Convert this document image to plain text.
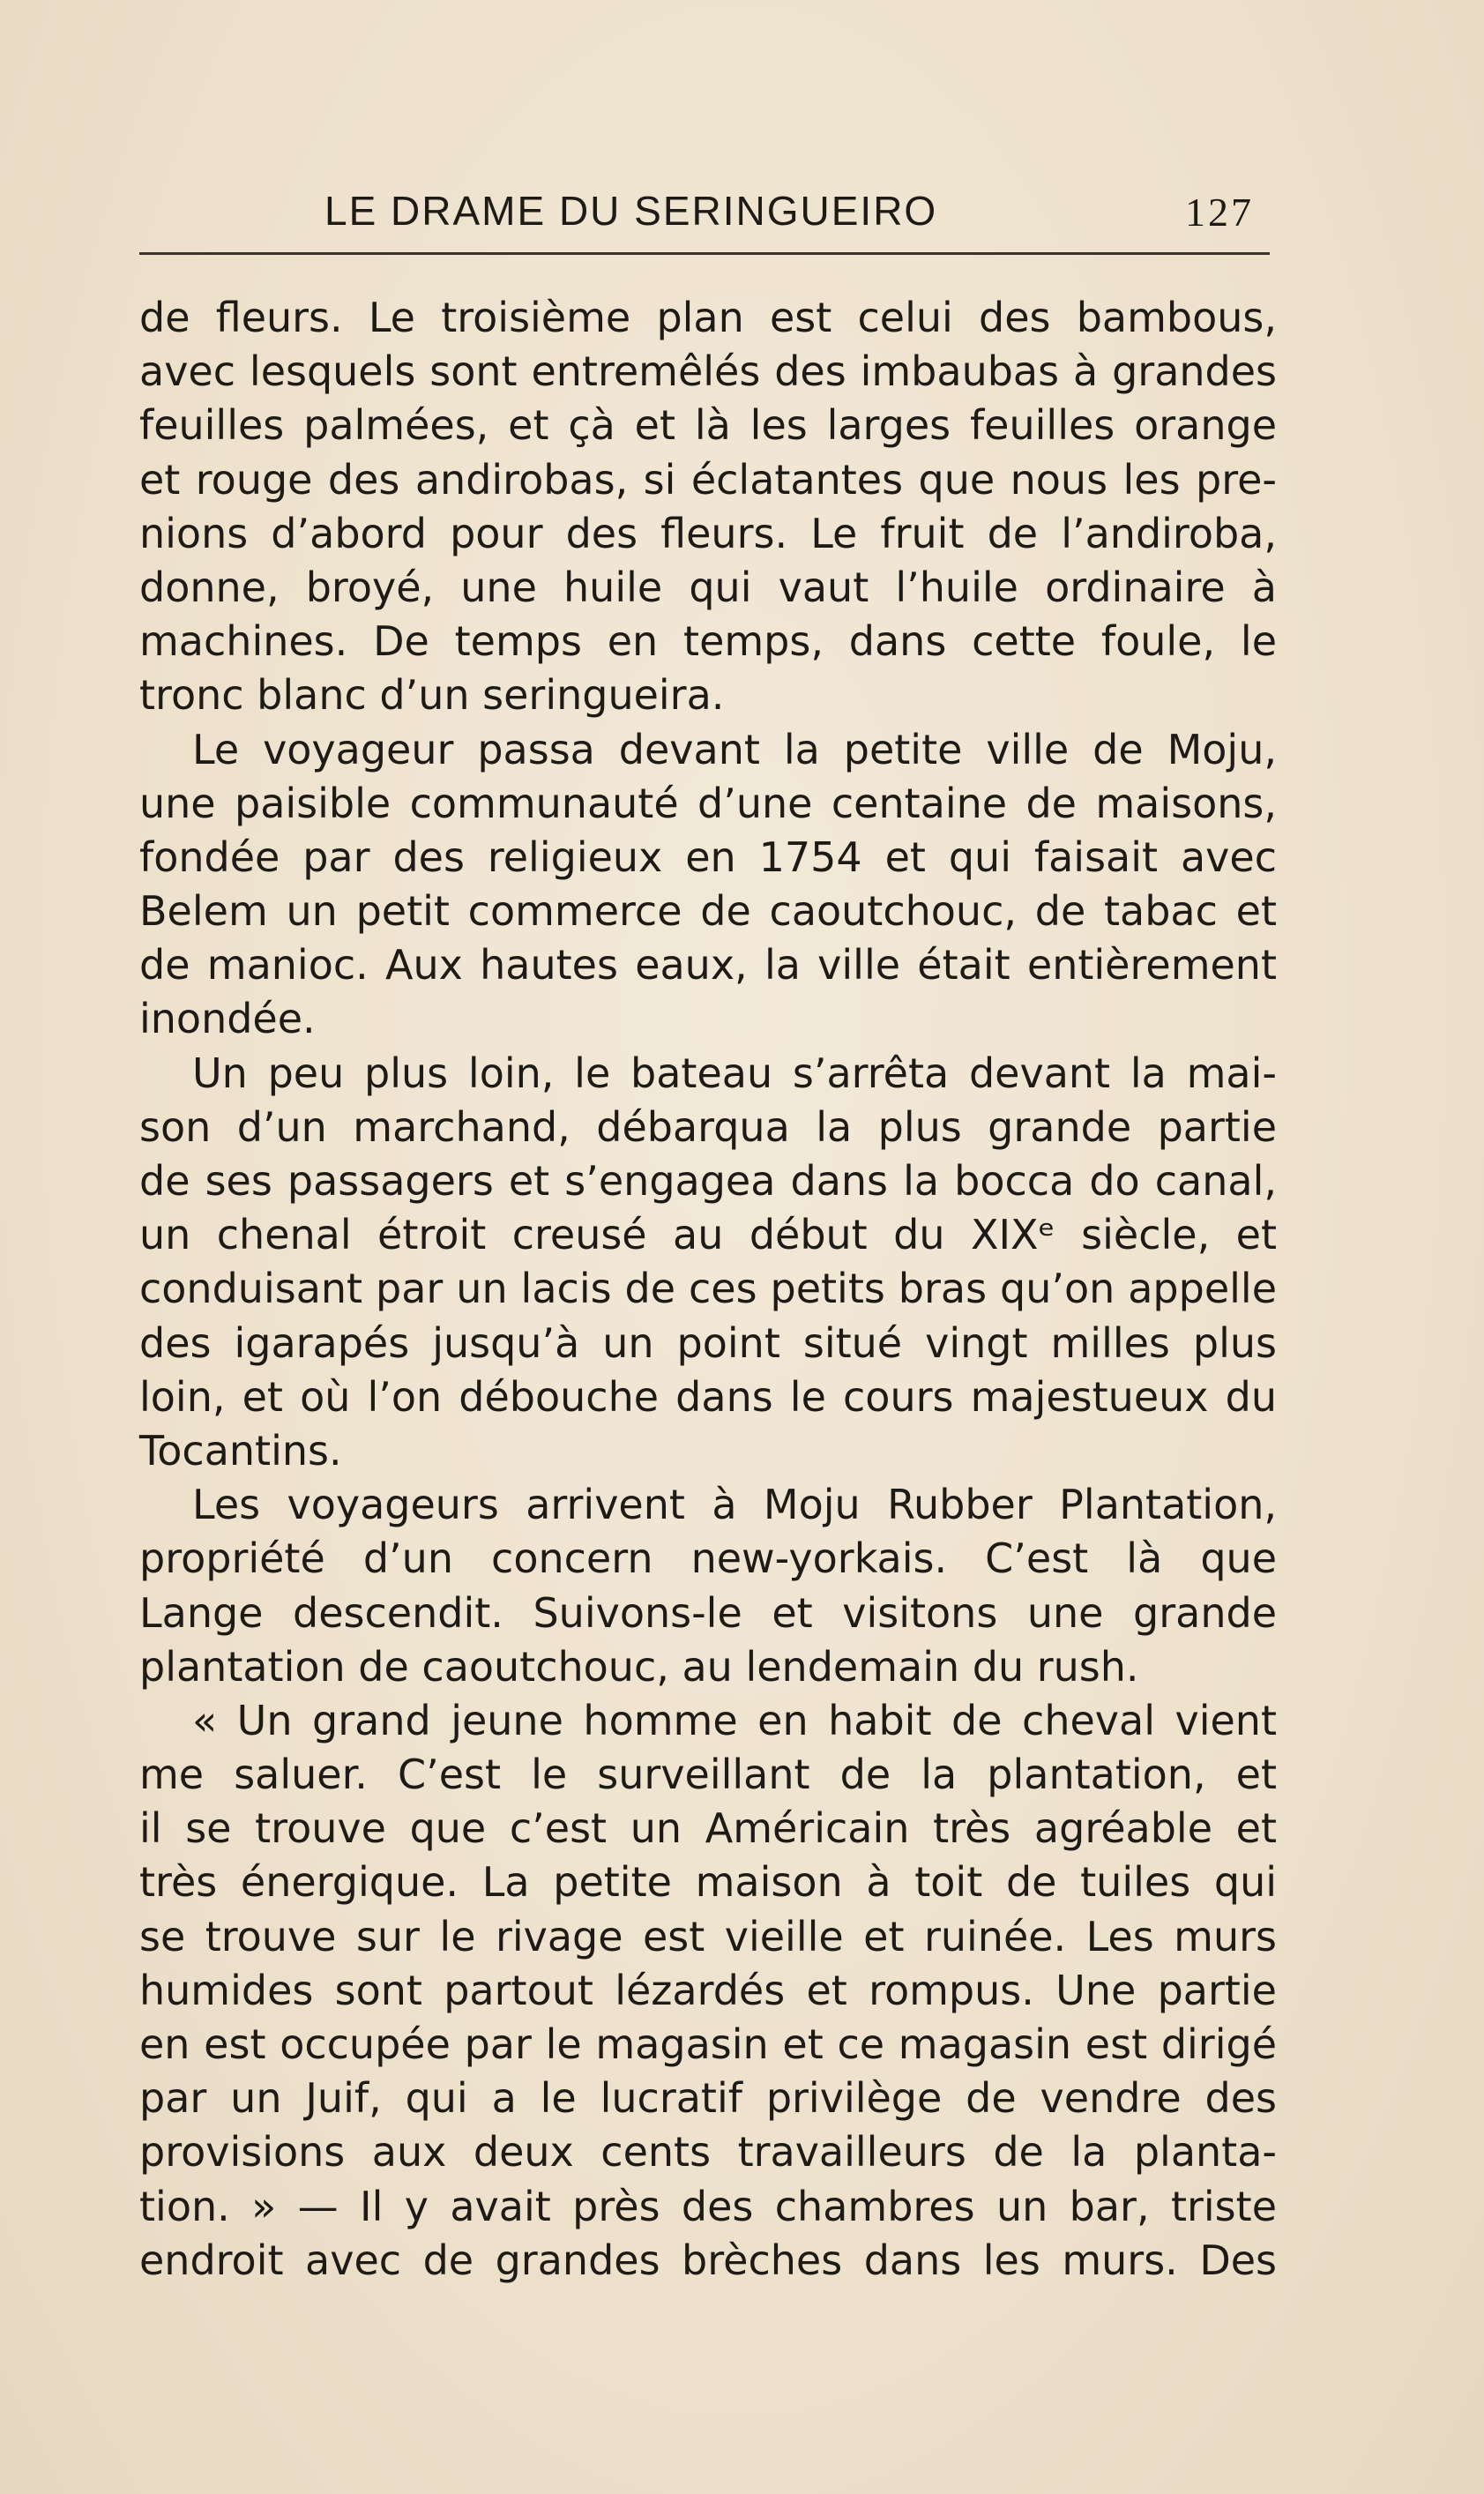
LE DRAME DU SERINGUEIRO	127
de fleurs. Le troisième plan est celui des bambous,
avec lesquels sont entremêlés des imbaubas à grandes
feuilles palmées, et çà et là les larges feuilles orange
et rouge des andirobas, si éclatantes que nous les pre-
nions d’abord pour des fleurs. Le fruit de l’andiroba,
donne, broyé, une huile qui vaut l’huile ordinaire à
machines. De temps en temps, dans cette foule, le
tronc blanc d’un seringueira.
Le voyageur passa devant la petite ville de Moju,
une paisible communauté d’une centaine de maisons,
fondée par des religieux en 1754 et qui faisait avec
Belem un petit commerce de caoutchouc, de tabac et
de manioc. Aux hautes eaux, la ville était entièrement
inondée.
Un peu plus loin, le bateau s’arrêta devant la mai-
son d’un marchand, débarqua la plus grande partie
de ses passagers et s’engagea dans la bocca do canal,
un chenal étroit creusé au début du XIXᵉ siècle, et
conduisant par un lacis de ces petits bras qu’on appelle
des igarapés jusqu’à un point situé vingt milles plus
loin, et où l’on débouche dans le cours majestueux du
Tocantins.
Les voyageurs arrivent à Moju Rubber Plantation,
propriété d’un concern new-yorkais. C’est là que
Lange descendit. Suivons-le et visitons une grande
plantation de caoutchouc, au lendemain du rush.
« Un grand jeune homme en habit de cheval vient
me saluer. C’est le surveillant de la plantation, et
il se trouve que c’est un Américain très agréable et
très énergique. La petite maison à toit de tuiles qui
se trouve sur le rivage est vieille et ruinée. Les murs
humides sont partout lézardés et rompus. Une partie
en est occupée par le magasin et ce magasin est dirigé
par un Juif, qui a le lucratif privilège de vendre des
provisions aux deux cents travailleurs de la planta-
tion. » — Il y avait près des chambres un bar, triste
endroit avec de grandes brèches dans les murs. Des
